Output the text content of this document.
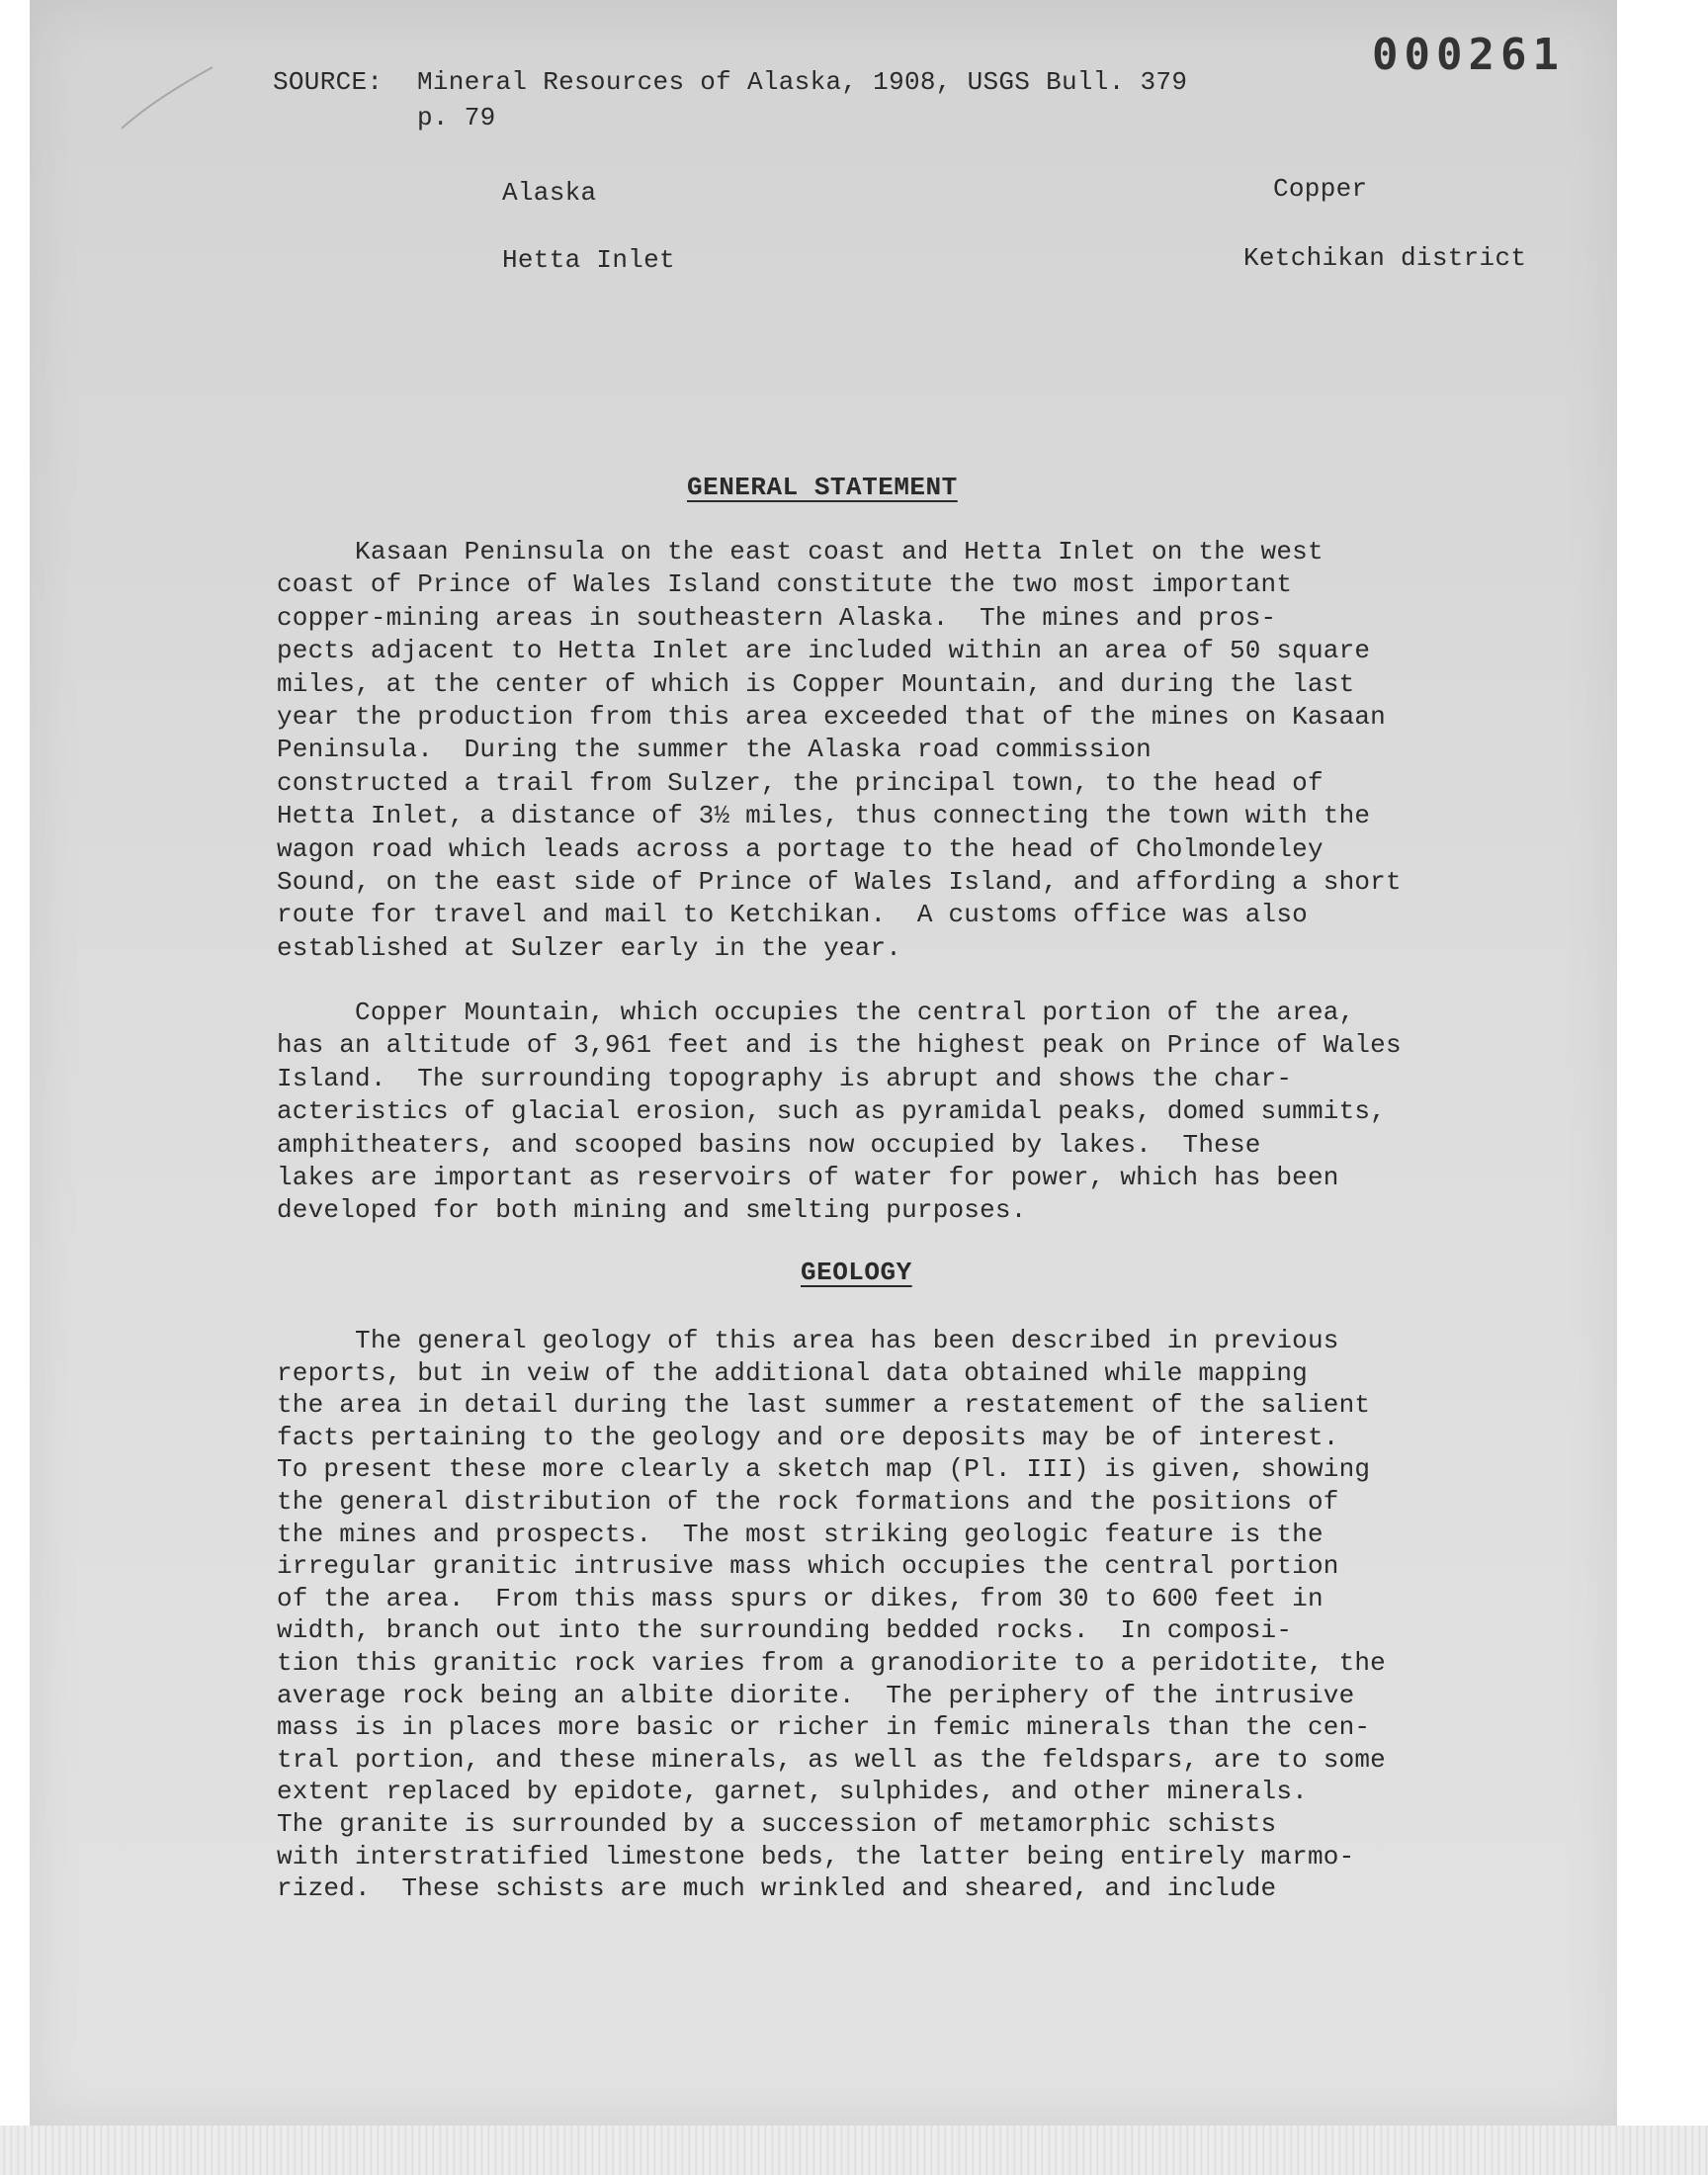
000261
SOURCE: Mineral Resources of Alaska, 1908, USGS Bull. 379
p. 79
Alaska	Copper
Hetta Inlet	Ketchikan district
GENERAL STATEMENT

Kasaan Peninsula on the east coast and Hetta Inlet on the west
coast of Prince of Wales Island constitute the two most important
copper-mining areas in southeastern Alaska.  The mines and pros-
pects adjacent to Hetta Inlet are included within an area of 50 square
miles, at the center of which is Copper Mountain, and during the last
year the production from this area exceeded that of the mines on Kasaan
Peninsula.  During the summer the Alaska road commission
constructed a trail from Sulzer, the principal town, to the head of
Hetta Inlet, a distance of 3½ miles, thus connecting the town with the
wagon road which leads across a portage to the head of Cholmondeley
Sound, on the east side of Prince of Wales Island, and affording a short
route for travel and mail to Ketchikan.  A customs office was also
established at Sulzer early in the year.

Copper Mountain, which occupies the central portion of the area,
has an altitude of 3,961 feet and is the highest peak on Prince of Wales
Island.  The surrounding topography is abrupt and shows the char-
acteristics of glacial erosion, such as pyramidal peaks, domed summits,
amphitheaters, and scooped basins now occupied by lakes.  These
lakes are important as reservoirs of water for power, which has been
developed for both mining and smelting purposes.

GEOLOGY

The general geology of this area has been described in previous
reports, but in veiw of the additional data obtained while mapping
the area in detail during the last summer a restatement of the salient
facts pertaining to the geology and ore deposits may be of interest.
To present these more clearly a sketch map (Pl. III) is given, showing
the general distribution of the rock formations and the positions of
the mines and prospects.  The most striking geologic feature is the
irregular granitic intrusive mass which occupies the central portion
of the area.  From this mass spurs or dikes, from 30 to 600 feet in
width, branch out into the surrounding bedded rocks.  In composi-
tion this granitic rock varies from a granodiorite to a peridotite, the
average rock being an albite diorite.  The periphery of the intrusive
mass is in places more basic or richer in femic minerals than the cen-
tral portion, and these minerals, as well as the feldspars, are to some
extent replaced by epidote, garnet, sulphides, and other minerals.
The granite is surrounded by a succession of metamorphic schists
with interstratified limestone beds, the latter being entirely marmo-
rized.  These schists are much wrinkled and sheared, and include
